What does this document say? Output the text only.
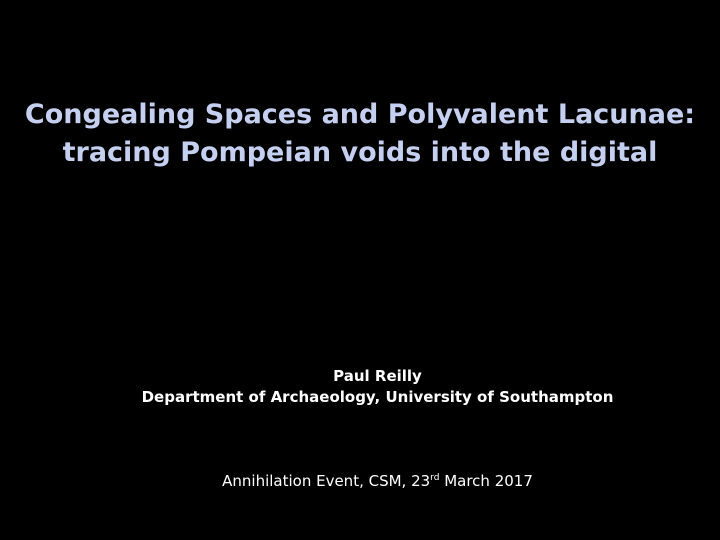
Congealing Spaces and Polyvalent Lacunae:
tracing Pompeian voids into the digital
Paul Reilly
Department of Archaeology, University of Southampton
Annihilation Event, CSM, 23rd March 2017
